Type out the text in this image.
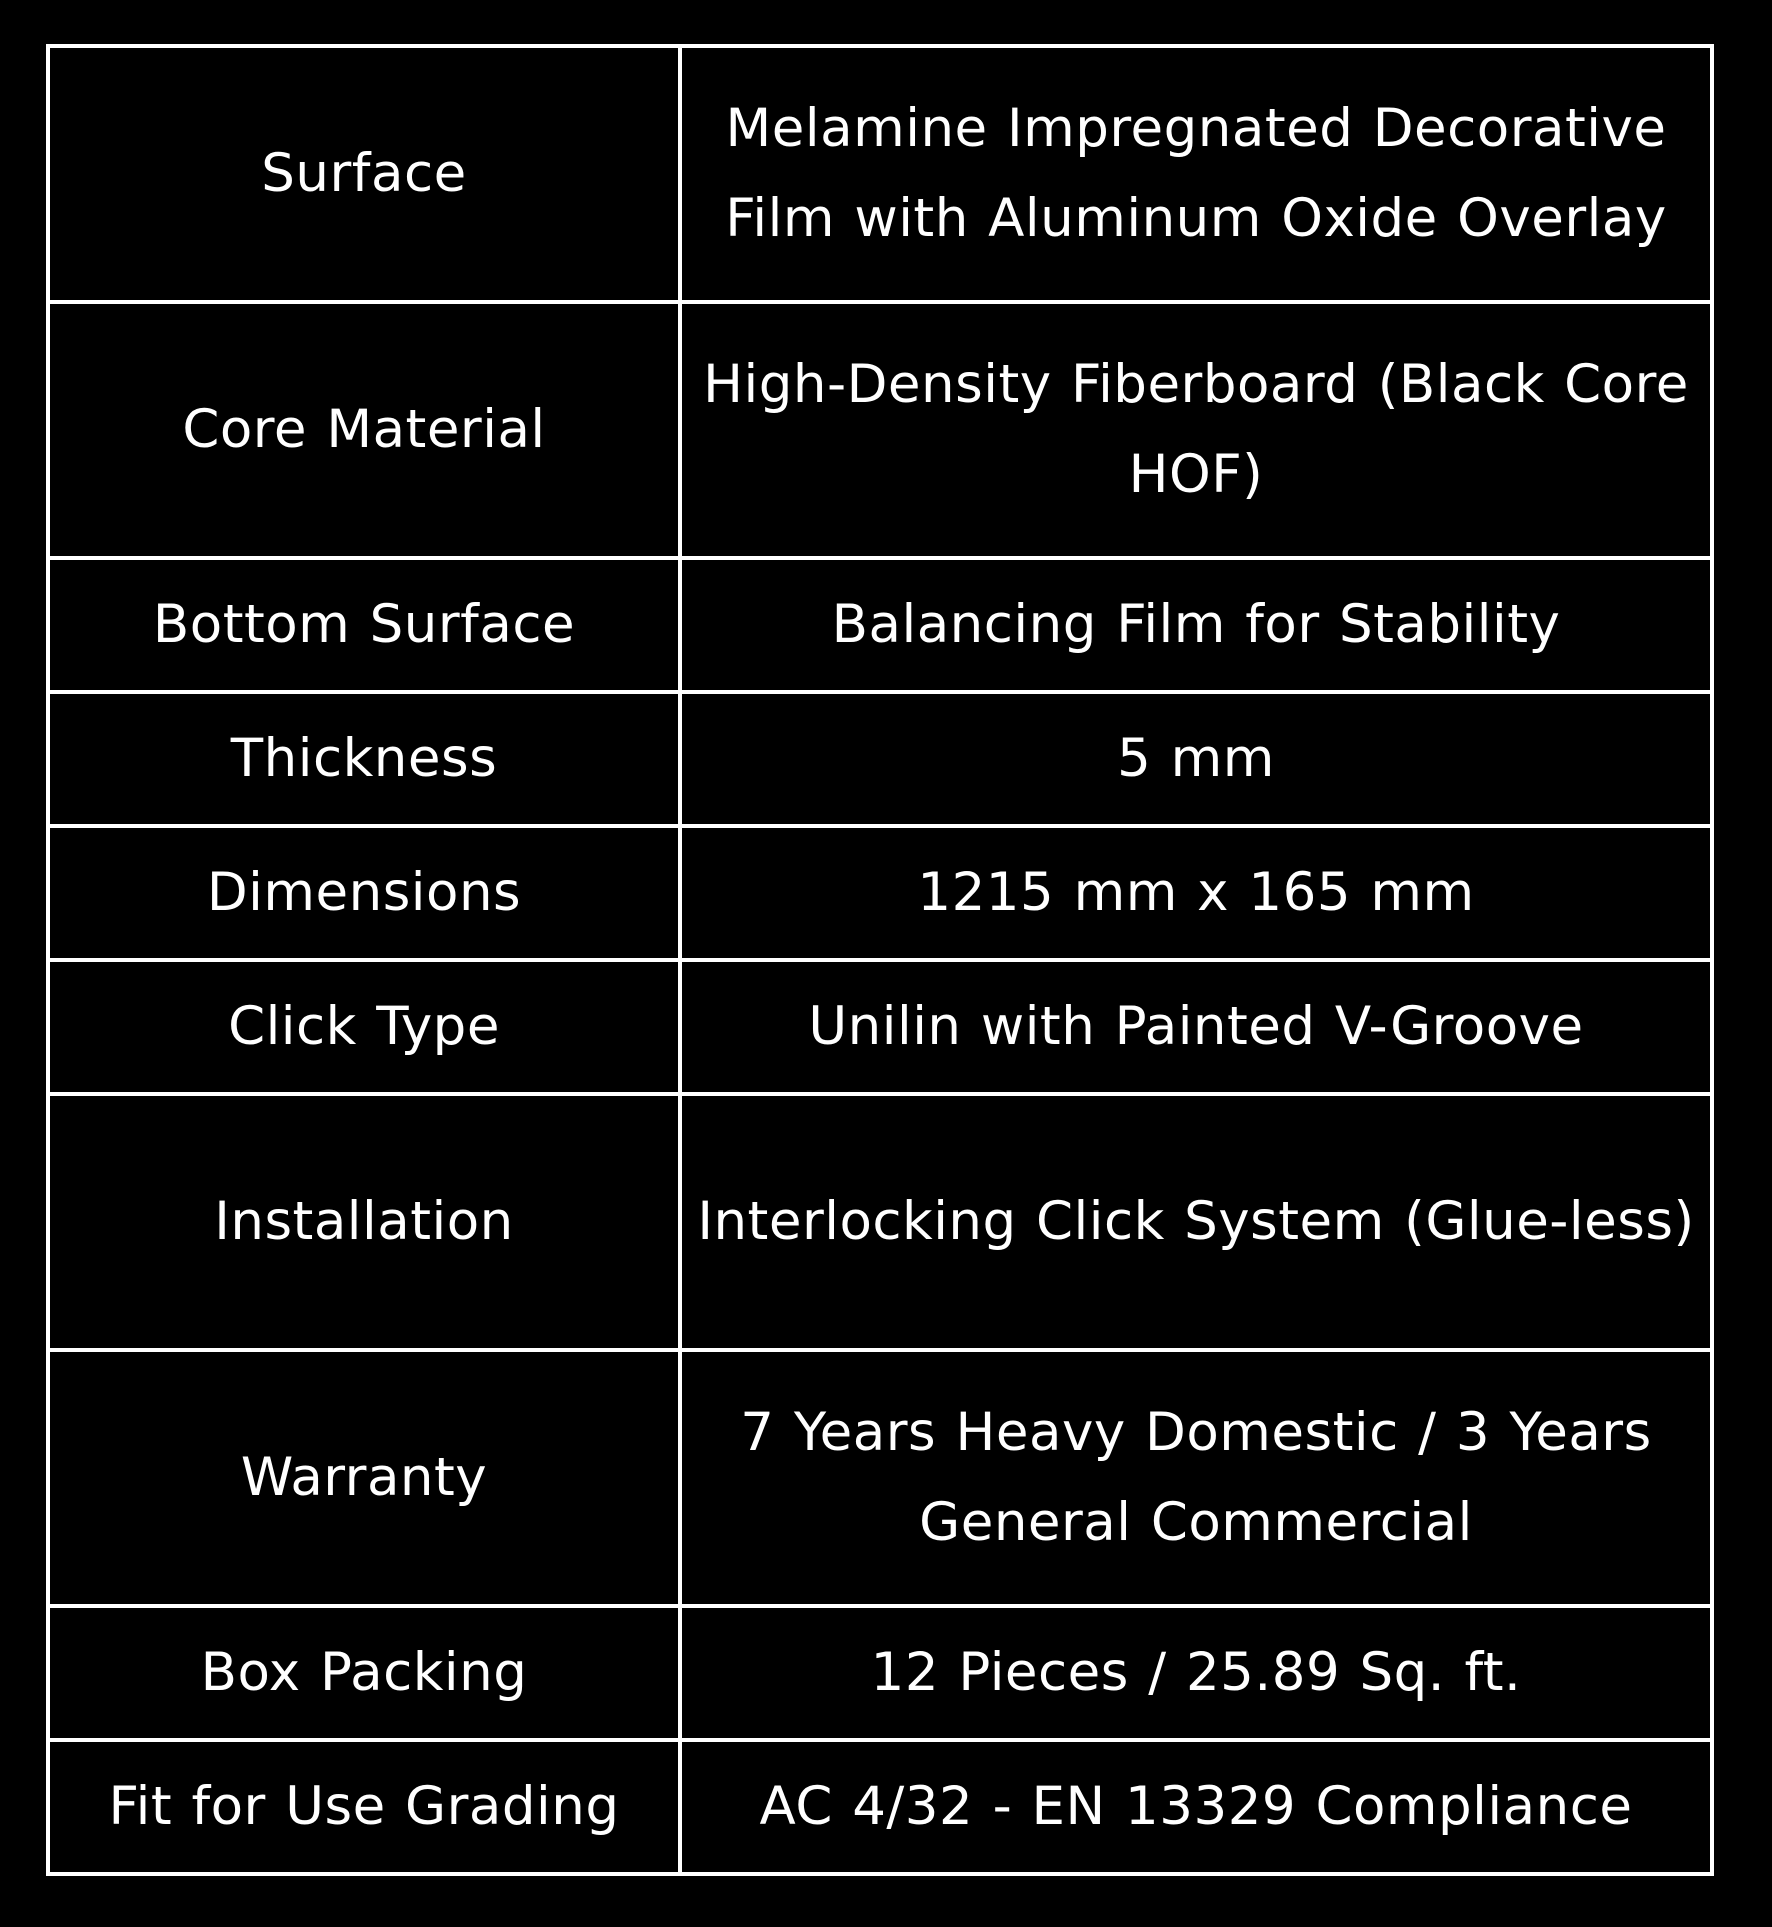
Surface	Melamine Impregnated Decorative Film with Aluminum Oxide Overlay
Core Material	High-Density Fiberboard (Black Core HOF)
Bottom Surface	Balancing Film for Stability
Thickness	5 mm
Dimensions	1215 mm x 165 mm
Click Type	Unilin with Painted V-Groove
Installation	Interlocking Click System (Glue-less)
Warranty	7 Years Heavy Domestic / 3 Years General Commercial
Box Packing	12 Pieces / 25.89 Sq. ft.
Fit for Use Grading	AC 4/32 - EN 13329 Compliance
